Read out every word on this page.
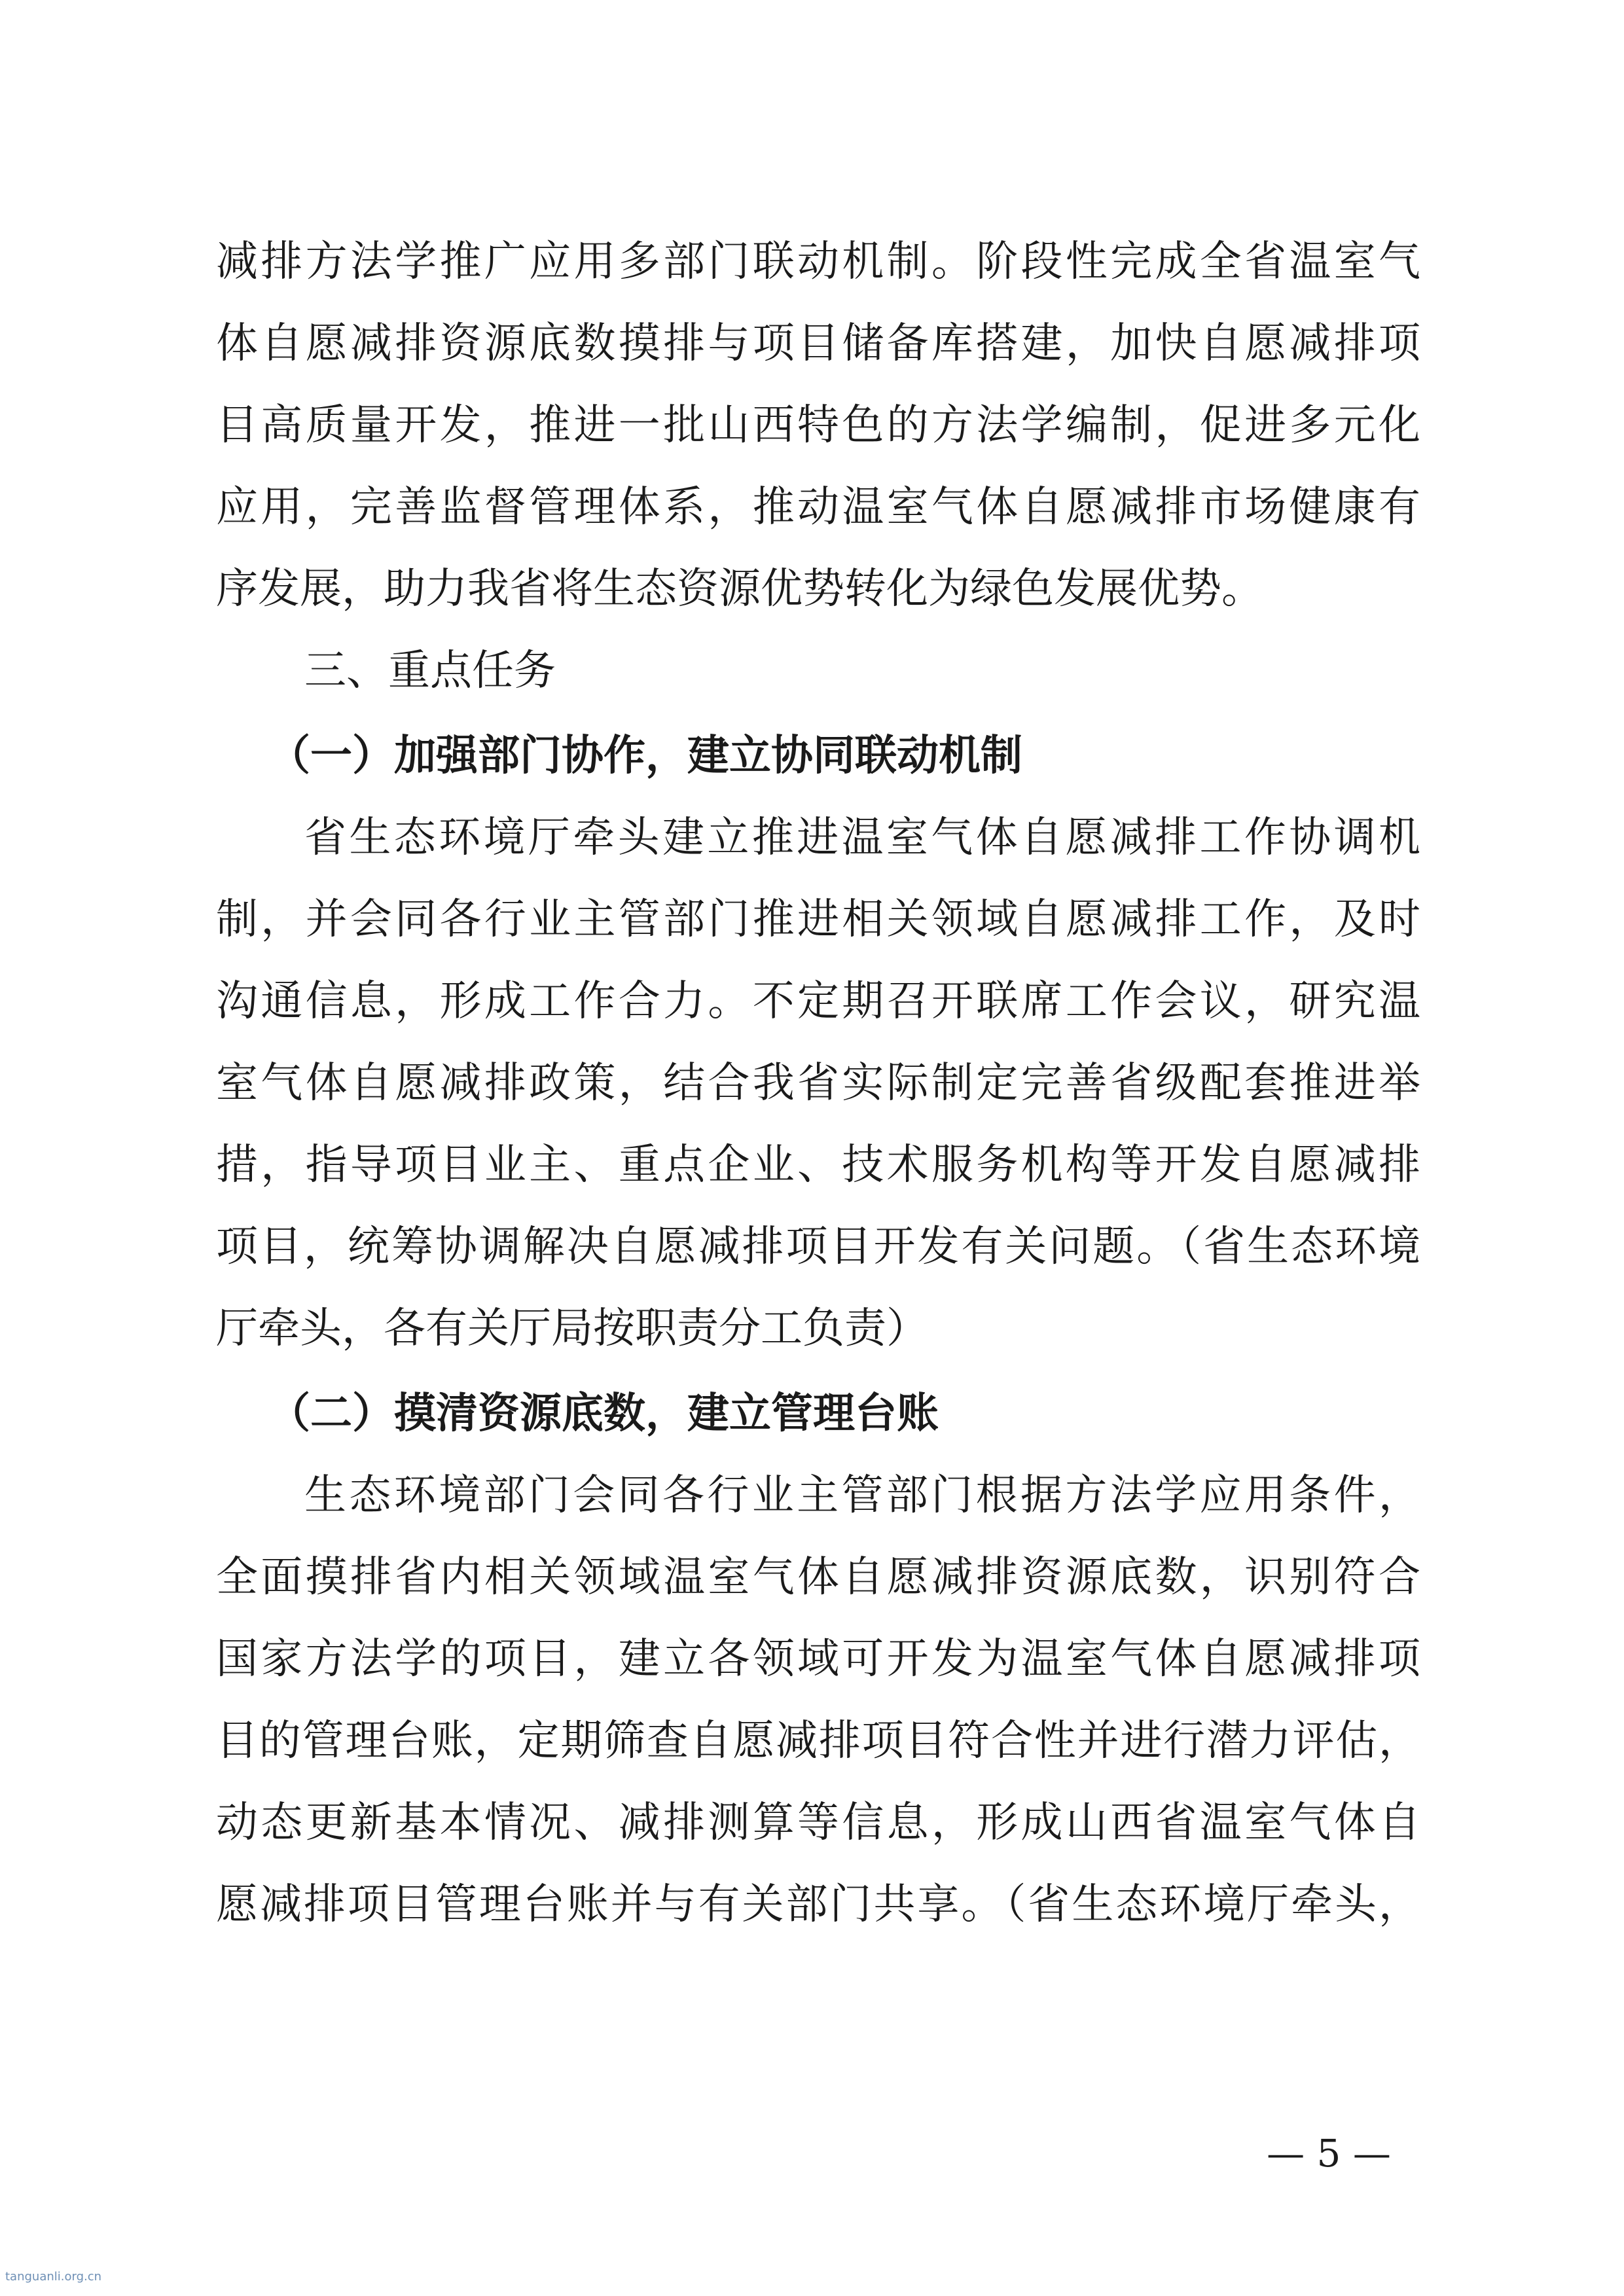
减排方法学推广应用多部门联动机制。阶段性完成全省温室气
体自愿减排资源底数摸排与项目储备库搭建，加快自愿减排项
目高质量开发，推进一批山西特色的方法学编制，促进多元化
应用，完善监督管理体系，推动温室气体自愿减排市场健康有
序发展，助力我省将生态资源优势转化为绿色发展优势。
三、重点任务
（一）加强部门协作，建立协同联动机制
省生态环境厅牵头建立推进温室气体自愿减排工作协调机
制，并会同各行业主管部门推进相关领域自愿减排工作，及时
沟通信息，形成工作合力。不定期召开联席工作会议，研究温
室气体自愿减排政策，结合我省实际制定完善省级配套推进举
措，指导项目业主、重点企业、技术服务机构等开发自愿减排
项目，统筹协调解决自愿减排项目开发有关问题。（省生态环境
厅牵头，各有关厅局按职责分工负责）
（二）摸清资源底数，建立管理台账
生态环境部门会同各行业主管部门根据方法学应用条件，
全面摸排省内相关领域温室气体自愿减排资源底数，识别符合
国家方法学的项目，建立各领域可开发为温室气体自愿减排项
目的管理台账，定期筛查自愿减排项目符合性并进行潜力评估，
动态更新基本情况、减排测算等信息，形成山西省温室气体自
愿减排项目管理台账并与有关部门共享。（省生态环境厅牵头，
— 5 —
tanguanli.org.cn
